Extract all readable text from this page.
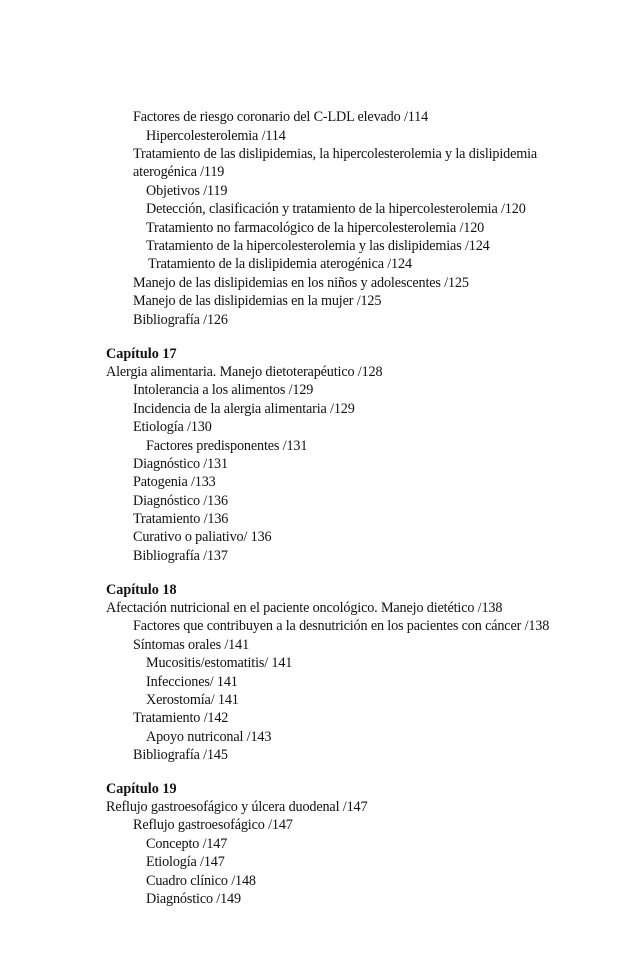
Factores de riesgo coronario del C-LDL elevado /114
Hipercolesterolemia /114
Tratamiento de las dislipidemias, la hipercolesterolemia y la dislipidemia
aterogénica /119
Objetivos /119
Detección, clasificación y tratamiento de la hipercolesterolemia /120
Tratamiento no farmacológico de la hipercolesterolemia /120
Tratamiento de la hipercolesterolemia y las dislipidemias /124
Tratamiento de la dislipidemia aterogénica /124
Manejo de las dislipidemias en los niños y adolescentes /125
Manejo de las dislipidemias en la mujer /125
Bibliografía /126
Capítulo 17
Alergia alimentaria. Manejo dietoterapéutico /128
Intolerancia a los alimentos /129
Incidencia de la alergia alimentaria /129
Etiología /130
Factores predisponentes /131
Diagnóstico /131
Patogenia /133
Diagnóstico /136
Tratamiento /136
Curativo o paliativo/ 136
Bibliografía /137
Capítulo 18
Afectación nutricional en el paciente oncológico. Manejo dietético /138
Factores que contribuyen a la desnutrición en los pacientes con cáncer /138
Síntomas orales /141
Mucositis/estomatitis/ 141
Infecciones/ 141
Xerostomía/ 141
Tratamiento /142
Apoyo nutriconal /143
Bibliografía /145
Capítulo 19
Reflujo gastroesofágico y úlcera duodenal /147
Reflujo gastroesofágico /147
Concepto /147
Etiología /147
Cuadro clínico /148
Diagnóstico /149
